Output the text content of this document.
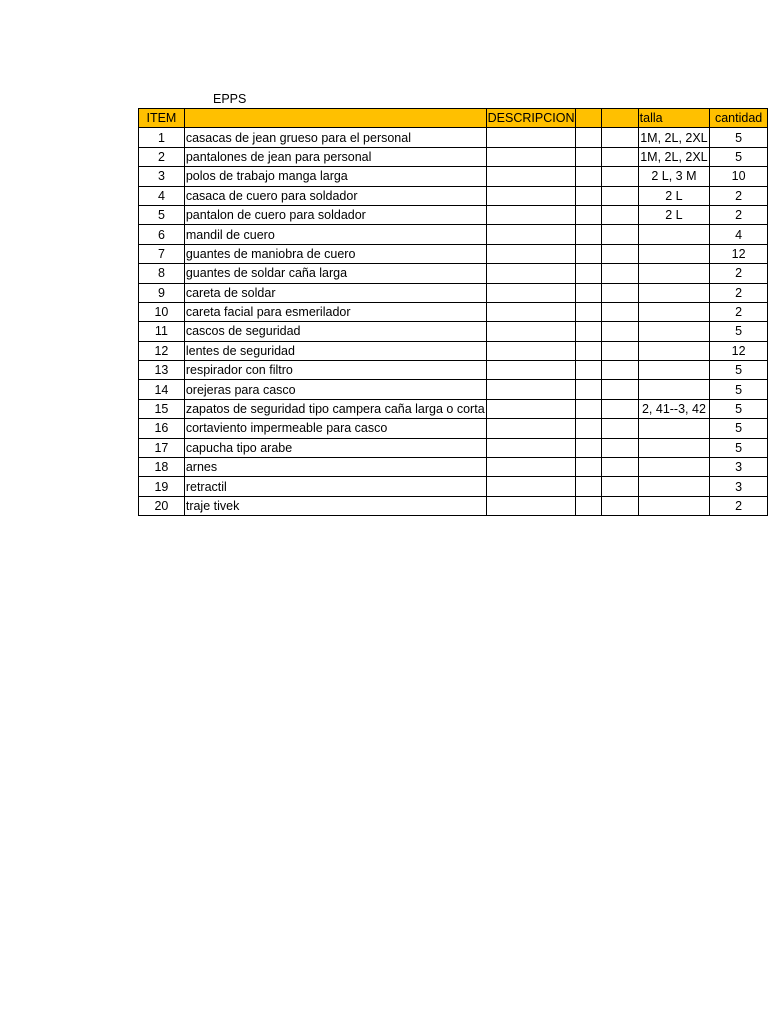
EPPS
ITEM		DESCRIPCION			talla	cantidad
1	casacas de jean grueso para el personal				1M, 2L, 2XL	5
2	pantalones de jean para personal				1M, 2L, 2XL	5
3	polos de trabajo manga larga				2 L, 3 M	10
4	casaca de cuero para soldador				2 L	2
5	pantalon de cuero para soldador				2 L	2
6	mandil de cuero					4
7	guantes de maniobra de cuero					12
8	guantes de soldar caña larga					2
9	careta de soldar					2
10	careta facial para esmerilador					2
11	cascos de seguridad					5
12	lentes de seguridad					12
13	respirador con filtro					5
14	orejeras para casco					5
15	zapatos de seguridad tipo campera caña larga o corta				2, 41--3, 42	5
16	cortaviento impermeable para casco					5
17	capucha tipo arabe					5
18	arnes					3
19	retractil					3
20	traje tivek					2
